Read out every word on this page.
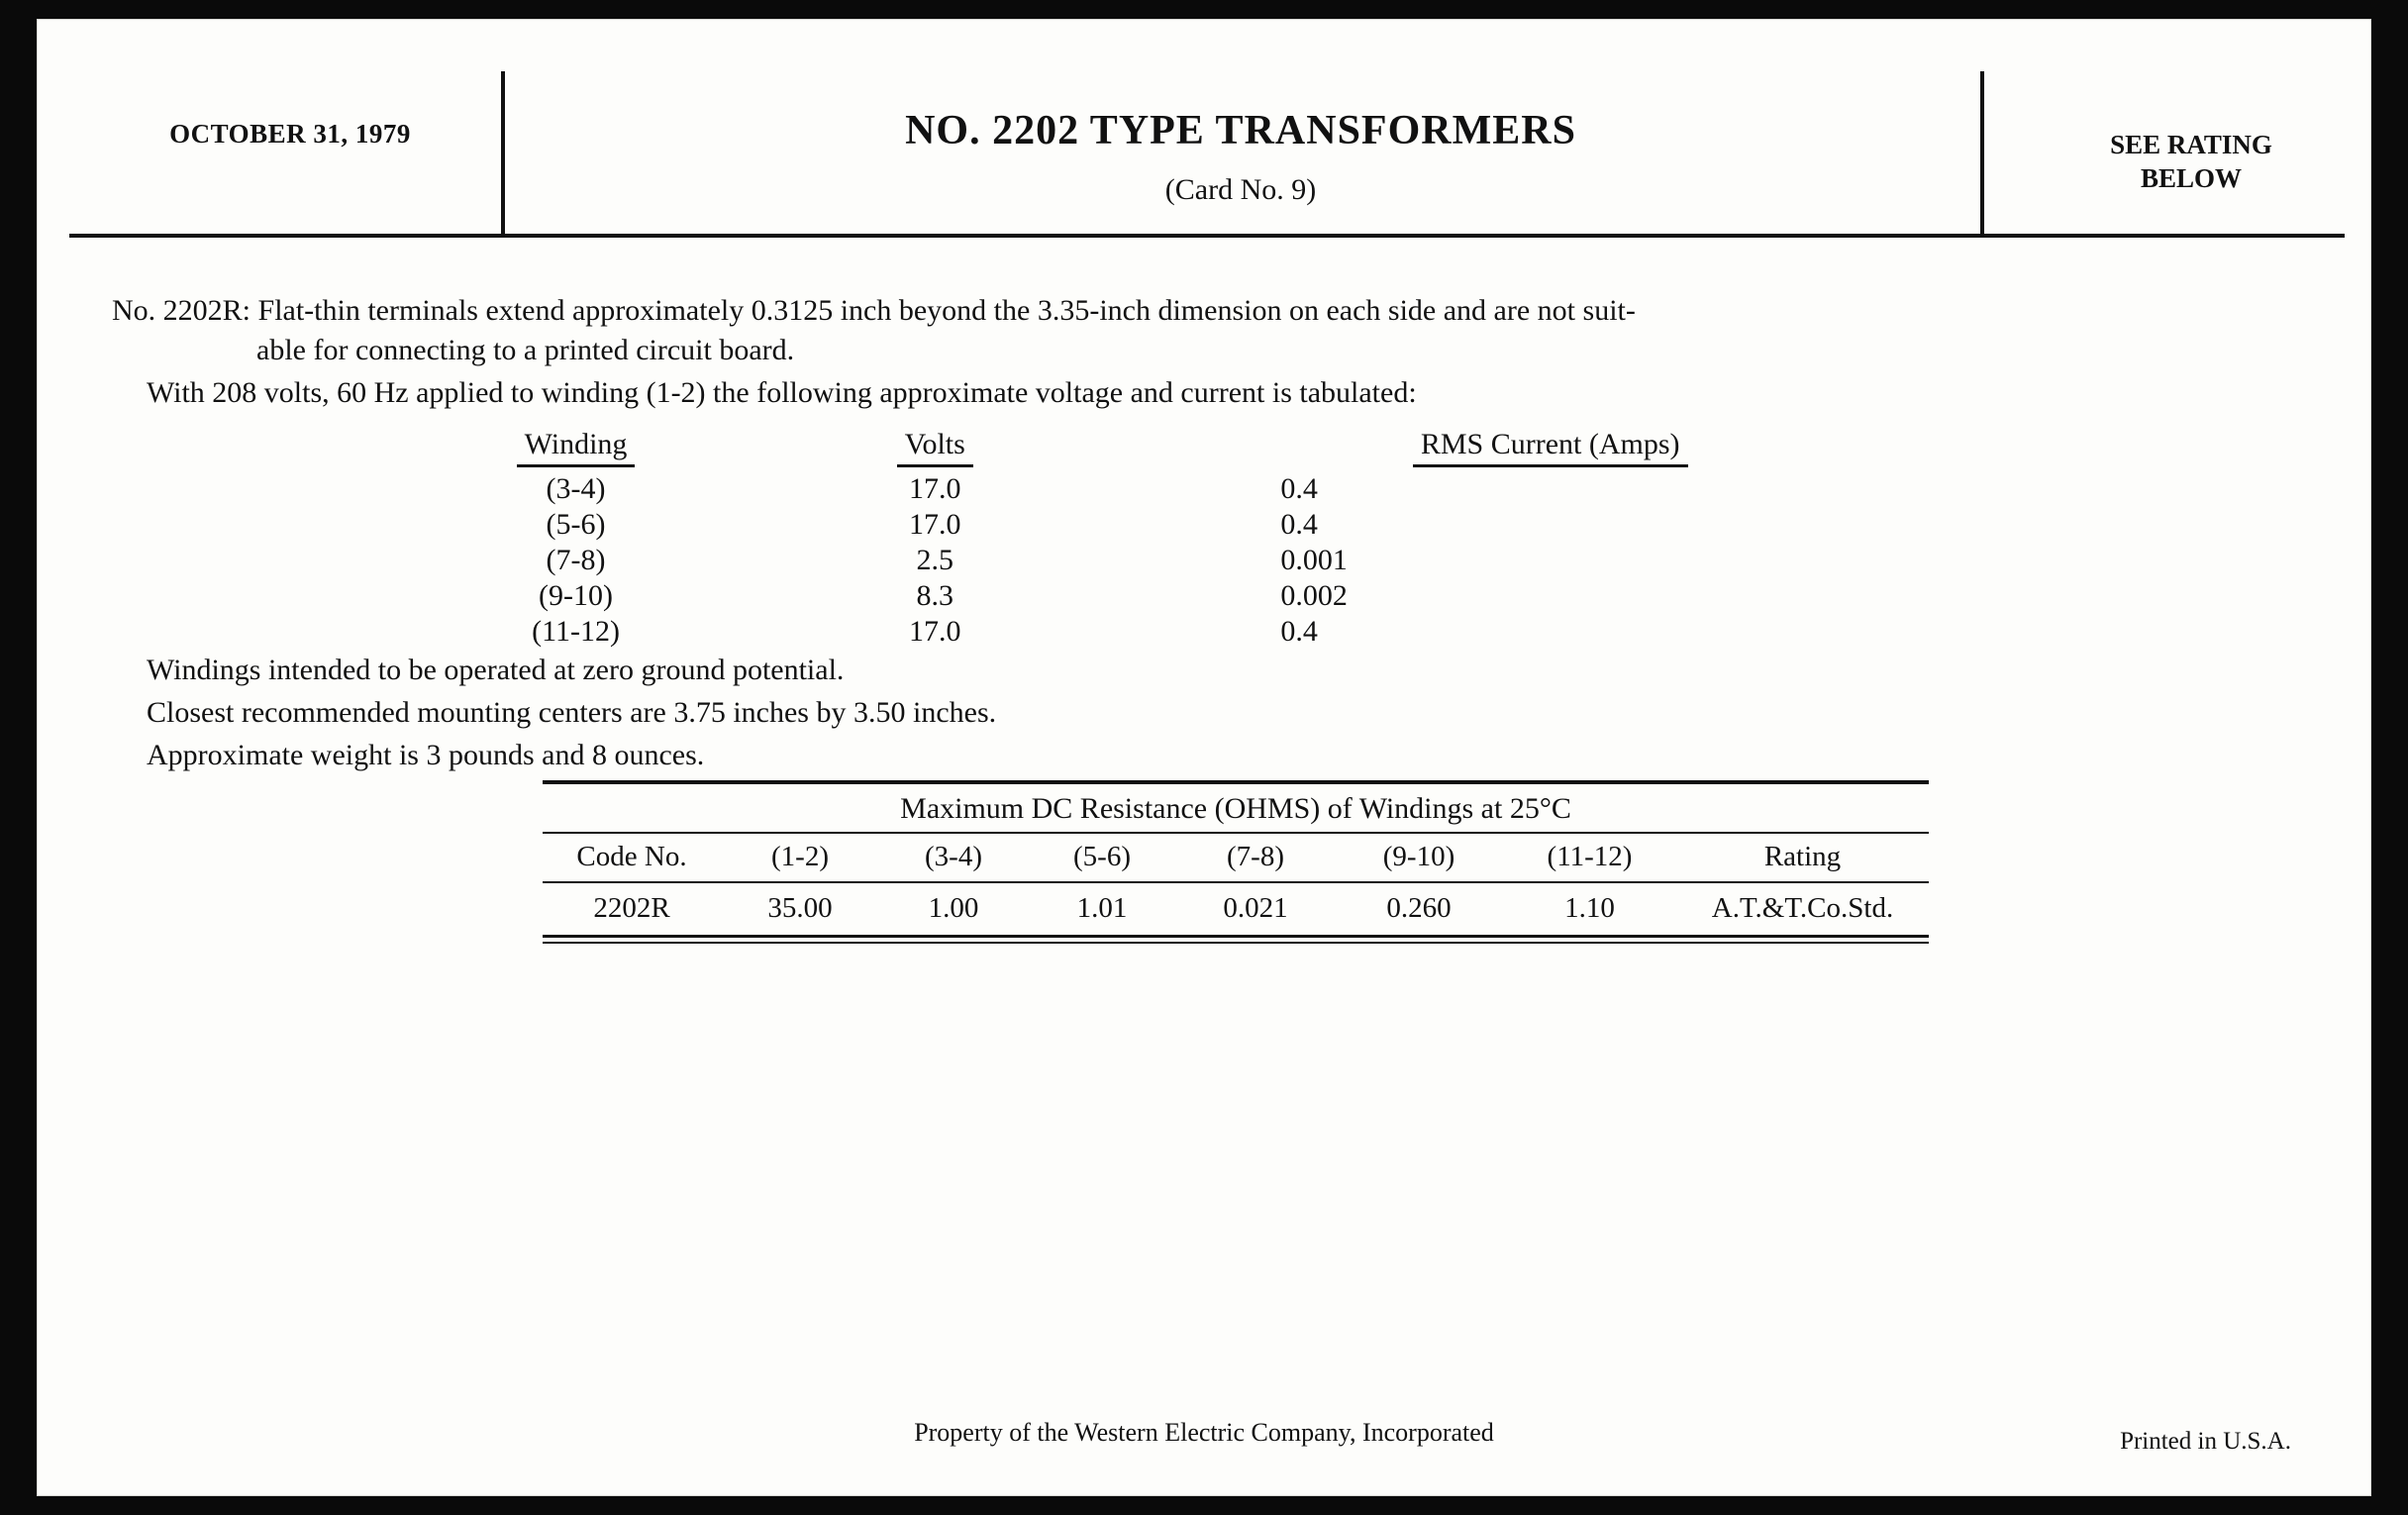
OCTOBER 31, 1979	NO. 2202 TYPE TRANSFORMERS
(Card No. 9)
SEE RATING
BELOW
No. 2202R: Flat-thin terminals extend approximately 0.3125 inch beyond the 3.35-inch dimension on each side and are not suit-
able for connecting to a printed circuit board.
With 208 volts, 60 Hz applied to winding (1-2) the following approximate voltage and current is tabulated:
Winding	Volts	RMS Current (Amps)
(3-4)	17.0	0.4
(5-6)	17.0	0.4
(7-8)	2.5	0.001
(9-10)	8.3	0.002
(11-12)	17.0	0.4
Windings intended to be operated at zero ground potential.
Closest recommended mounting centers are 3.75 inches by 3.50 inches.
Approximate weight is 3 pounds and 8 ounces.
Maximum DC Resistance (OHMS) of Windings at 25°C
Code No.	(1-2)	(3-4)	(5-6)	(7-8)	(9-10)	(11-12)	Rating
2202R	35.00	1.00	1.01	0.021	0.260	1.10	A.T.&T.Co.Std.
Property of the Western Electric Company, Incorporated	Printed in U.S.A.
